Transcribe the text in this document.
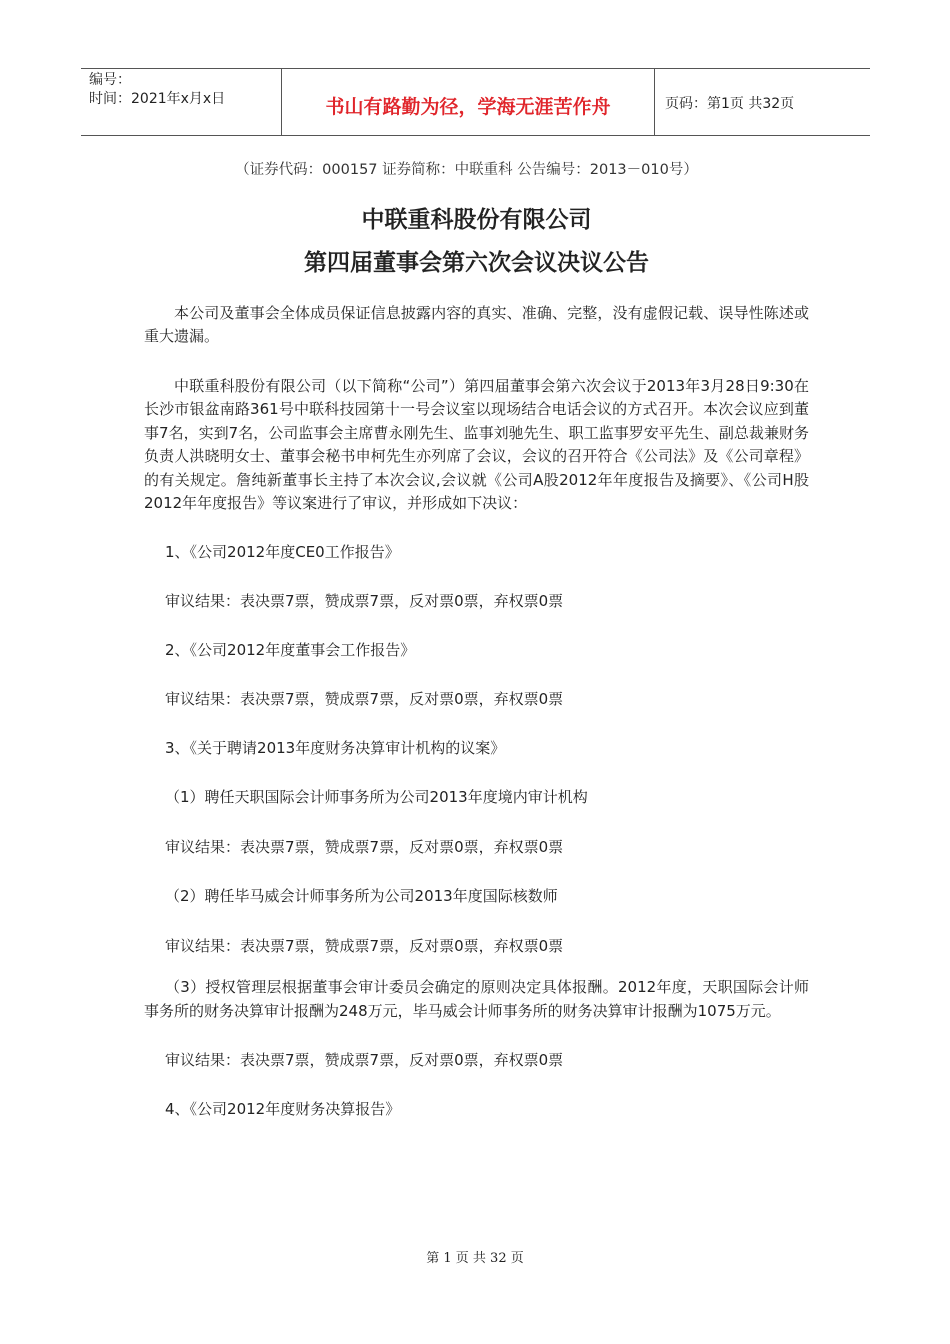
编号：
时间：2021年x月x日	书山有路勤为径，学海无涯苦作舟	页码：第1页 共32页

（证券代码：000157 证券简称：中联重科 公告编号：2013－010号）

中联重科股份有限公司

第四届董事会第六次会议决议公告

本公司及董事会全体成员保证信息披露内容的真实、准确、完整，没有虚假记载、误导性陈述或重大遗漏。

中联重科股份有限公司（以下简称“公司”）第四届董事会第六次会议于2013年3月28日9:30在长沙市银盆南路361号中联科技园第十一号会议室以现场结合电话会议的方式召开。本次会议应到董事7名，实到7名，公司监事会主席曹永刚先生、监事刘驰先生、职工监事罗安平先生、副总裁兼财务负责人洪晓明女士、董事会秘书申柯先生亦列席了会议，会议的召开符合《公司法》及《公司章程》的有关规定。詹纯新董事长主持了本次会议,会议就《公司A股2012年年度报告及摘要》、《公司H股2012年年度报告》等议案进行了审议，并形成如下决议：

1、《公司2012年度CE0工作报告》

审议结果：表决票7票，赞成票7票，反对票0票，弃权票0票

2、《公司2012年度董事会工作报告》

审议结果：表决票7票，赞成票7票，反对票0票，弃权票0票

3、《关于聘请2013年度财务决算审计机构的议案》

（1）聘任天职国际会计师事务所为公司2013年度境内审计机构

审议结果：表决票7票，赞成票7票，反对票0票，弃权票0票

（2）聘任毕马威会计师事务所为公司2013年度国际核数师

审议结果：表决票7票，赞成票7票，反对票0票，弃权票0票

（3）授权管理层根据董事会审计委员会确定的原则决定具体报酬。2012年度，天职国际会计师事务所的财务决算审计报酬为248万元，毕马威会计师事务所的财务决算审计报酬为1075万元。

审议结果：表决票7票，赞成票7票，反对票0票，弃权票0票

4、《公司2012年度财务决算报告》

第 1 页 共 32 页
